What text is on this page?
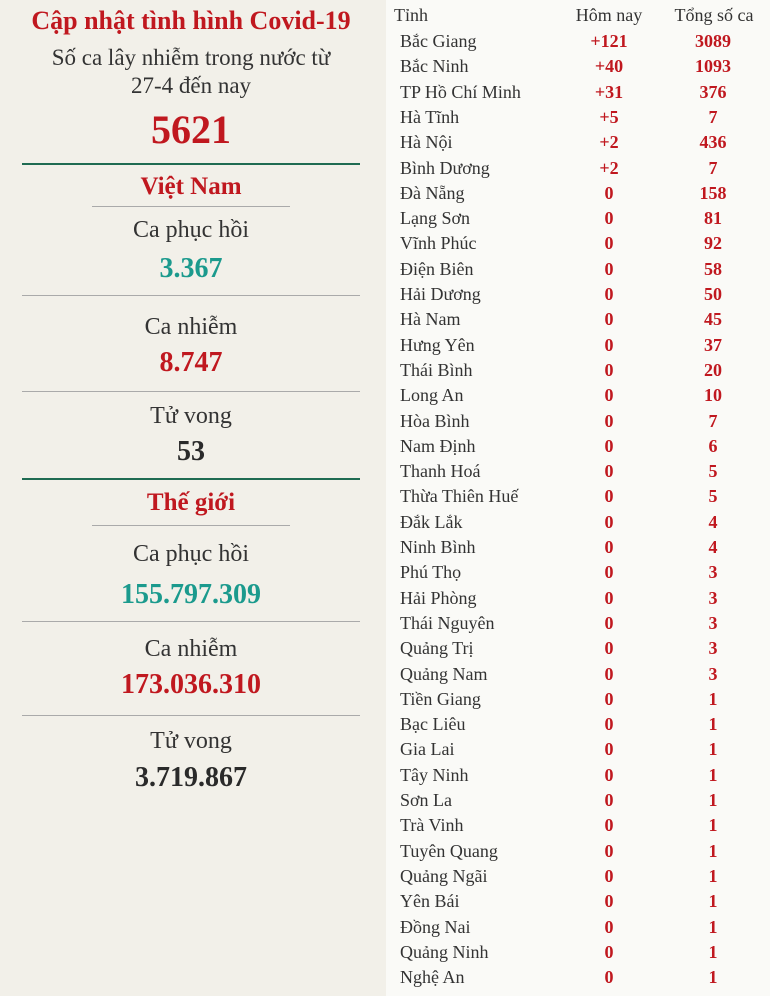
Cập nhật tình hình Covid-19
Số ca lây nhiễm trong nước từ
27-4 đến nay
5621
Việt Nam
Ca phục hồi
3.367
Ca nhiễm
8.747
Tử vong
53
Thế giới
Ca phục hồi
155.797.309
Ca nhiễm
173.036.310
Tử vong
3.719.867
Tỉnh	Hôm nay	Tổng số ca
Bắc Giang	+121	3089
Bắc Ninh	+40	1093
TP Hồ Chí Minh	+31	376
Hà Tĩnh	+5	7
Hà Nội	+2	436
Bình Dương	+2	7
Đà Nẵng	0	158
Lạng Sơn	0	81
Vĩnh Phúc	0	92
Điện Biên	0	58
Hải Dương	0	50
Hà Nam	0	45
Hưng Yên	0	37
Thái Bình	0	20
Long An	0	10
Hòa Bình	0	7
Nam Định	0	6
Thanh Hoá	0	5
Thừa Thiên Huế	0	5
Đắk Lắk	0	4
Ninh Bình	0	4
Phú Thọ	0	3
Hải Phòng	0	3
Thái Nguyên	0	3
Quảng Trị	0	3
Quảng Nam	0	3
Tiền Giang	0	1
Bạc Liêu	0	1
Gia Lai	0	1
Tây Ninh	0	1
Sơn La	0	1
Trà Vinh	0	1
Tuyên Quang	0	1
Quảng Ngãi	0	1
Yên Bái	0	1
Đồng Nai	0	1
Quảng Ninh	0	1
Nghệ An	0	1
